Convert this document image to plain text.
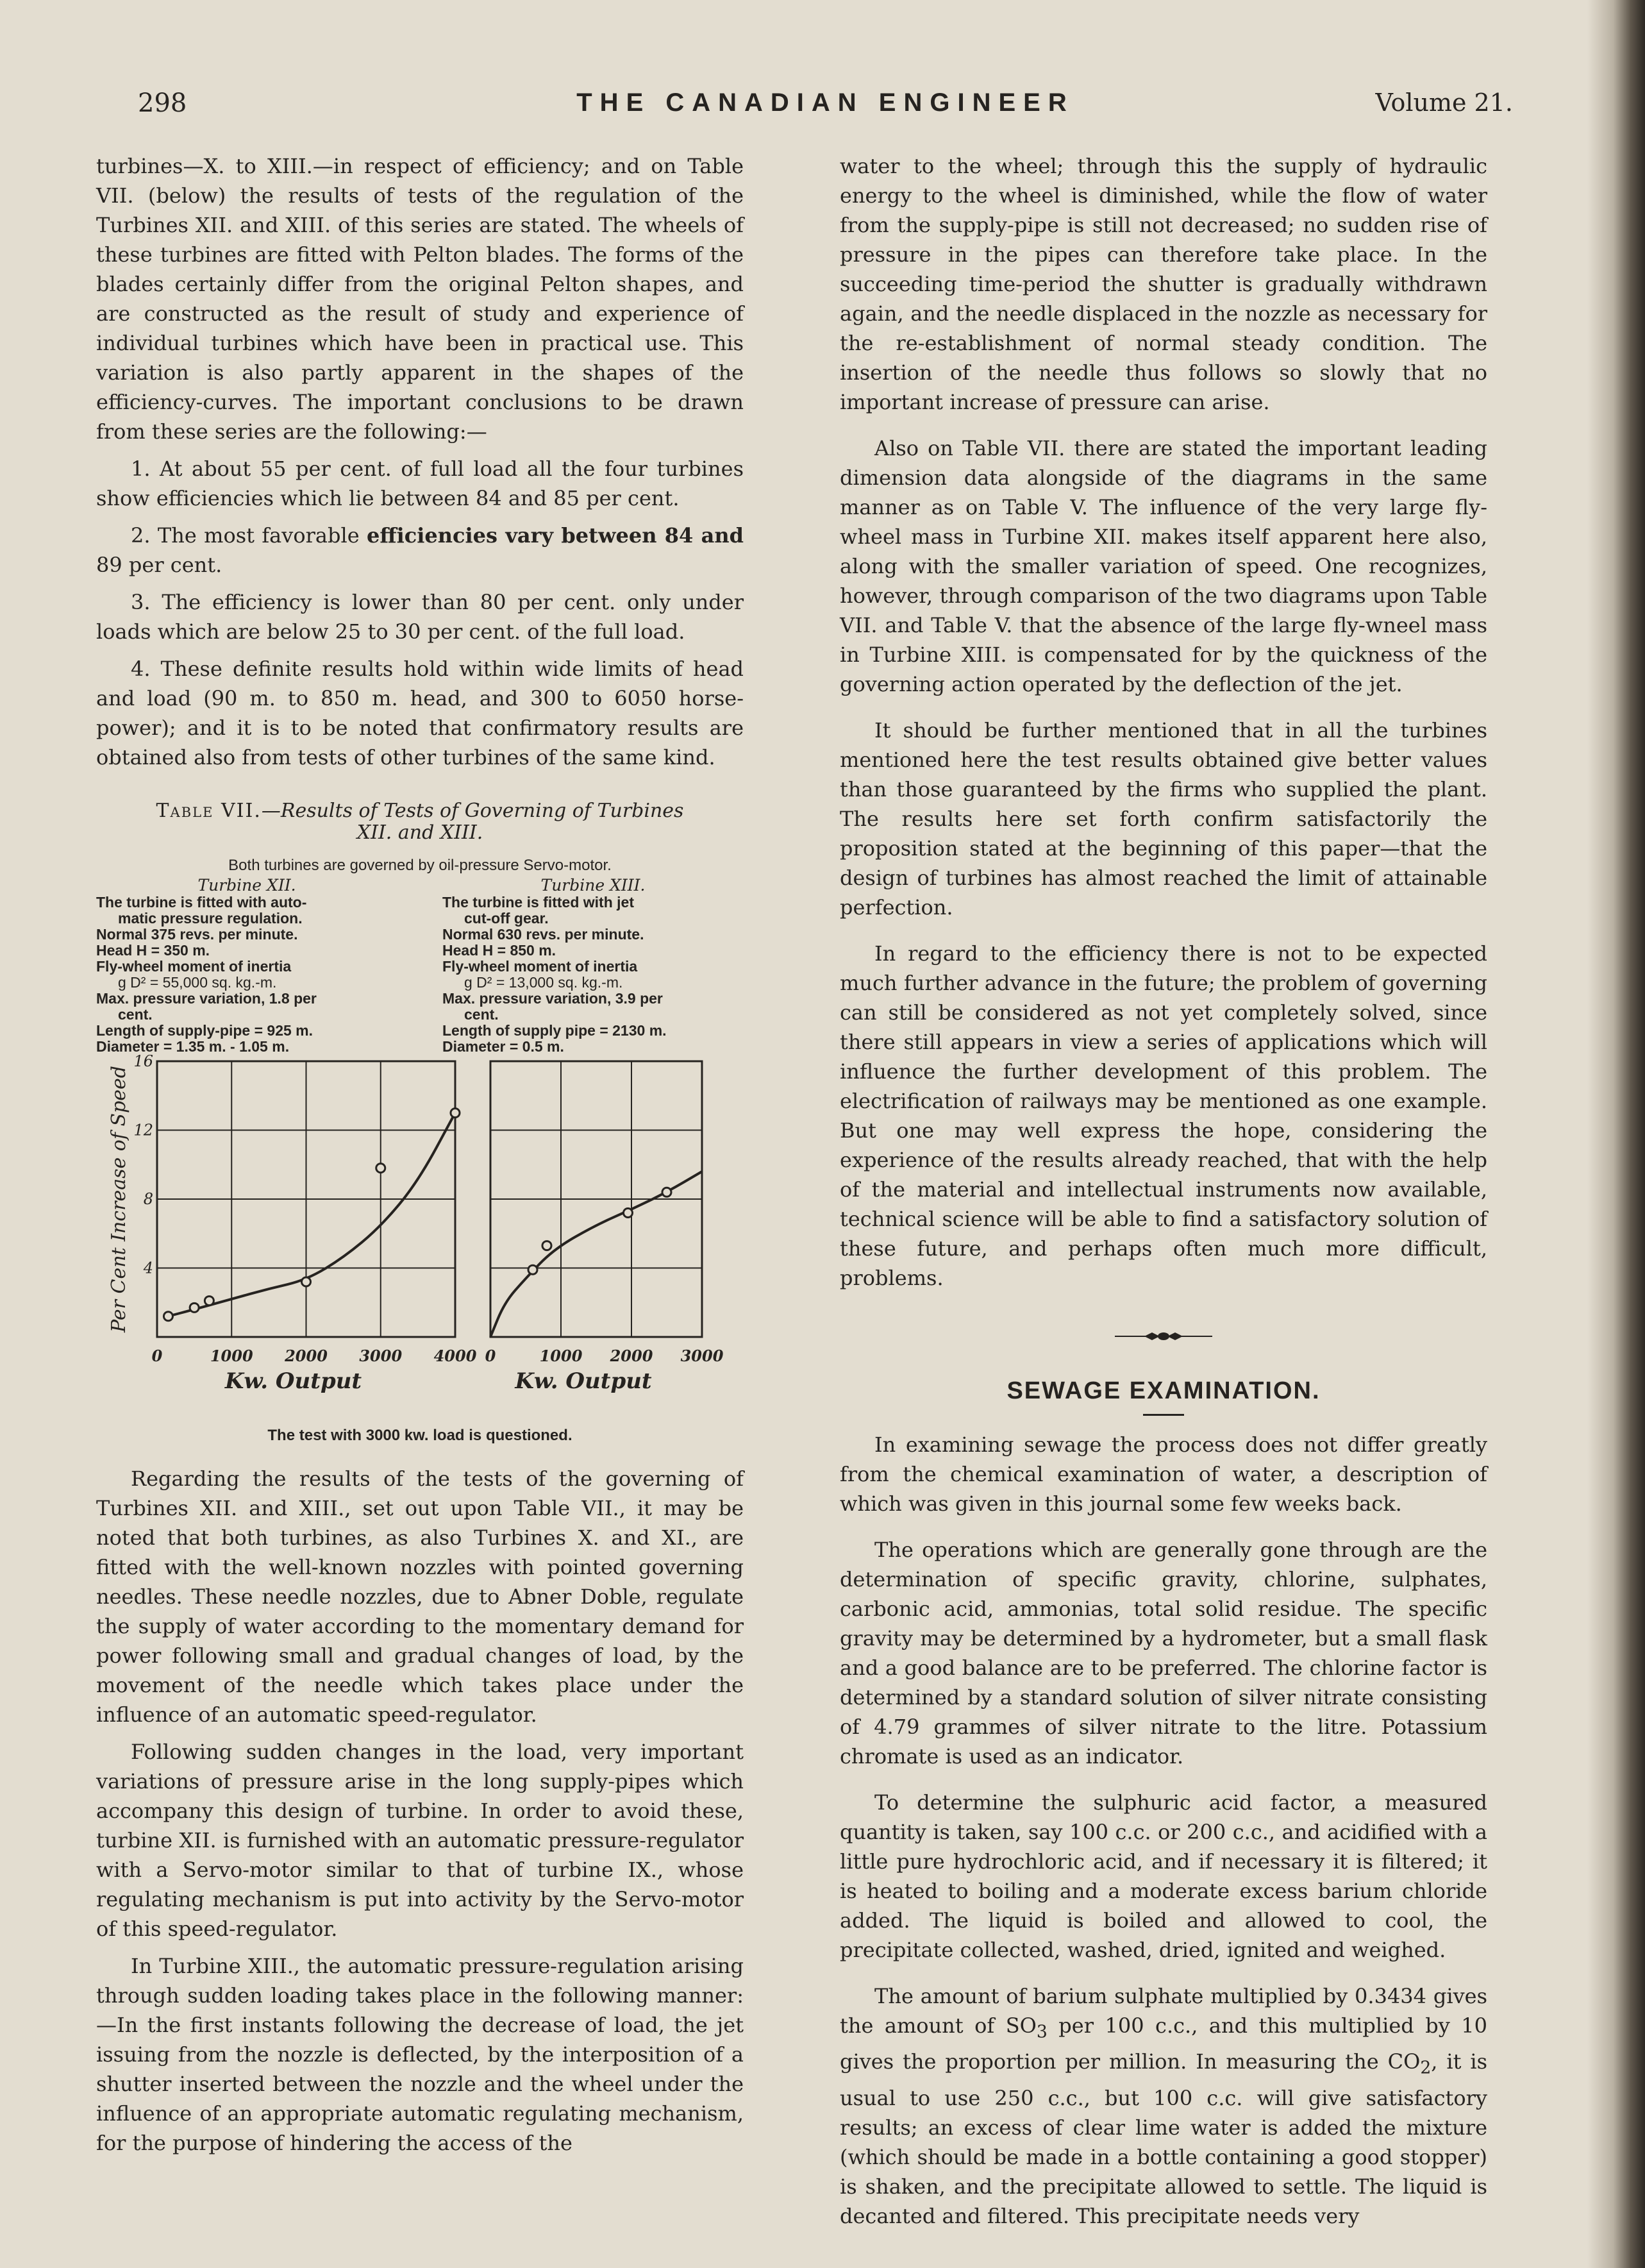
298	THE CANADIAN ENGINEER	Volume 21.

turbines—X. to XIII.—in respect of efficiency; and on Table VII. (below) the results of tests of the regulation of the Turbines XII. and XIII. of this series are stated. The wheels of these turbines are fitted with Pelton blades. The forms of the blades certainly differ from the original Pelton shapes, and are constructed as the result of study and experience of individual turbines which have been in practical use. This variation is also partly apparent in the shapes of the efficiency-curves. The important conclusions to be drawn from these series are the following:—

1. At about 55 per cent. of full load all the four turbines show efficiencies which lie between 84 and 85 per cent.

2. The most favorable efficiencies vary between 84 and 89 per cent.

3. The efficiency is lower than 80 per cent. only under loads which are below 25 to 30 per cent. of the full load.

4. These definite results hold within wide limits of head and load (90 m. to 850 m. head, and 300 to 6050 horse-power); and it is to be noted that confirmatory results are obtained also from tests of other turbines of the same kind.

Table VII.—Results of Tests of Governing of Turbines
XII. and XIII.
Both turbines are governed by oil-pressure Servo-motor.
Turbine XII.
The turbine is fitted with auto-
matic pressure regulation.
Normal 375 revs. per minute.
Head H = 350 m.
Fly-wheel moment of inertia
g D² = 55,000 sq. kg.-m.
Max. pressure variation, 1.8 per
cent.
Length of supply-pipe = 925 m.
Diameter = 1.35 m. - 1.05 m.
Turbine XIII.
The turbine is fitted with jet
cut-off gear.
Normal 630 revs. per minute.
Head H = 850 m.
Fly-wheel moment of inertia
g D² = 13,000 sq. kg.-m.
Max. pressure variation, 3.9 per
cent.
Length of supply pipe = 2130 m.
Diameter = 0.5 m.
0	1000 2000 3000 4000
16
12
8
4
Per Cent Increase of Speed
Kw. Output
0	1000 2000 3000
Kw. Output
The test with 3000 kw. load is questioned.

Regarding the results of the tests of the governing of Turbines XII. and XIII., set out upon Table VII., it may be noted that both turbines, as also Turbines X. and XI., are fitted with the well-known nozzles with pointed governing needles. These needle nozzles, due to Abner Doble, regulate the supply of water according to the momentary demand for power following small and gradual changes of load, by the movement of the needle which takes place under the influence of an automatic speed-regulator.

Following sudden changes in the load, very important variations of pressure arise in the long supply-pipes which accompany this design of turbine. In order to avoid these, turbine XII. is furnished with an automatic pressure-regulator with a Servo-motor similar to that of turbine IX., whose regulating mechanism is put into activity by the Servo-motor of this speed-regulator.

In Turbine XIII., the automatic pressure-regulation arising through sudden loading takes place in the following manner:—In the first instants following the decrease of load, the jet issuing from the nozzle is deflected, by the interposition of a shutter inserted between the nozzle and the wheel under the influence of an appropriate automatic regulating mechanism, for the purpose of hindering the access of the

water to the wheel; through this the supply of hydraulic energy to the wheel is diminished, while the flow of water from the supply-pipe is still not decreased; no sudden rise of pressure in the pipes can therefore take place. In the succeeding time-period the shutter is gradually withdrawn again, and the needle displaced in the nozzle as necessary for the re-establishment of normal steady condition. The insertion of the needle thus follows so slowly that no important increase of pressure can arise.

Also on Table VII. there are stated the important leading dimension data alongside of the diagrams in the same manner as on Table V. The influence of the very large fly-wheel mass in Turbine XII. makes itself apparent here also, along with the smaller variation of speed. One recognizes, however, through comparison of the two diagrams upon Table VII. and Table V. that the absence of the large fly-wneel mass in Turbine XIII. is compensated for by the quickness of the governing action operated by the deflection of the jet.

It should be further mentioned that in all the turbines mentioned here the test results obtained give better values than those guaranteed by the firms who supplied the plant. The results here set forth confirm satisfactorily the proposition stated at the beginning of this paper—that the design of turbines has almost reached the limit of attainable perfection.

In regard to the efficiency there is not to be expected much further advance in the future; the problem of governing can still be considered as not yet completely solved, since there still appears in view a series of applications which will influence the further development of this problem. The electrification of railways may be mentioned as one example. But one may well express the hope, considering the experience of the results already reached, that with the help of the material and intellectual instruments now available, technical science will be able to find a satisfactory solution of these future, and perhaps often much more difficult, problems.

SEWAGE EXAMINATION.

In examining sewage the process does not differ greatly from the chemical examination of water, a description of which was given in this journal some few weeks back.

The operations which are generally gone through are the determination of specific gravity, chlorine, sulphates, carbonic acid, ammonias, total solid residue. The specific gravity may be determined by a hydrometer, but a small flask and a good balance are to be preferred. The chlorine factor is determined by a standard solution of silver nitrate consisting of 4.79 grammes of silver nitrate to the litre. Potassium chromate is used as an indicator.

To determine the sulphuric acid factor, a measured quantity is taken, say 100 c.c. or 200 c.c., and acidified with a little pure hydrochloric acid, and if necessary it is filtered; it is heated to boiling and a moderate excess barium chloride added. The liquid is boiled and allowed to cool, the precipitate collected, washed, dried, ignited and weighed.

The amount of barium sulphate multiplied by 0.3434 gives the amount of $SO_3$ per 100 c.c., and this multiplied by 10 gives the proportion per million. In measuring the $CO_2$, it is usual to use 250 c.c., but 100 c.c. will give satisfactory results; an excess of clear lime water is added the mixture (which should be made in a bottle containing a good stopper) is shaken, and the precipitate allowed to settle. The liquid is decanted and filtered. This precipitate needs very
